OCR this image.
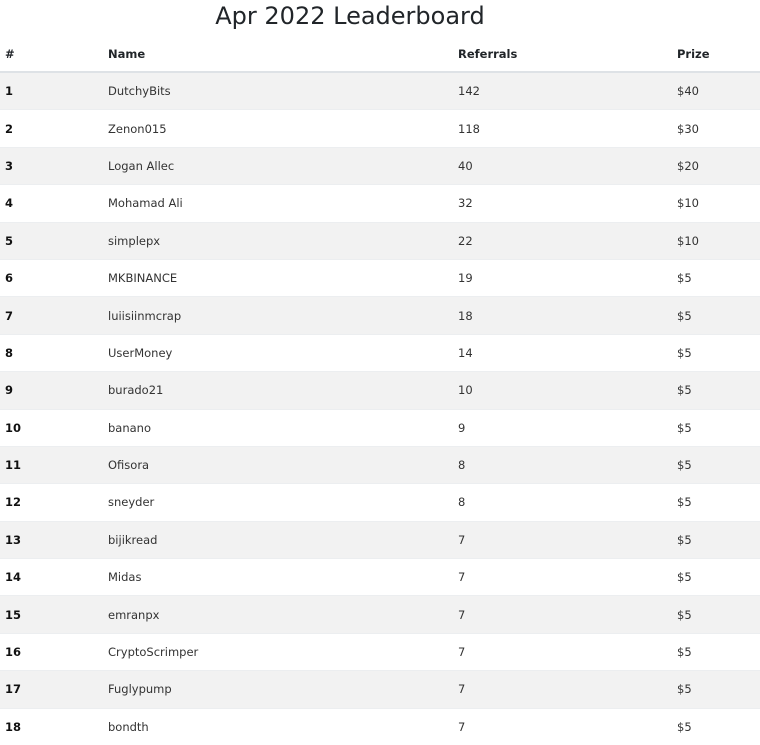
Apr 2022 Leaderboard
#	Name	Referrals	Prize
1	DutchyBits	142	$40
2	Zenon015	118	$30
3	Logan Allec	40	$20
4	Mohamad Ali	32	$10
5	simplepx	22	$10
6	MKBINANCE	19	$5
7	luiisiinmcrap	18	$5
8	UserMoney	14	$5
9	burado21	10	$5
10	banano	9	$5
11	Ofisora	8	$5
12	sneyder	8	$5
13	bijikread	7	$5
14	Midas	7	$5
15	emranpx	7	$5
16	CryptoScrimper	7	$5
17	Fuglypump	7	$5
18	bondth	7	$5
